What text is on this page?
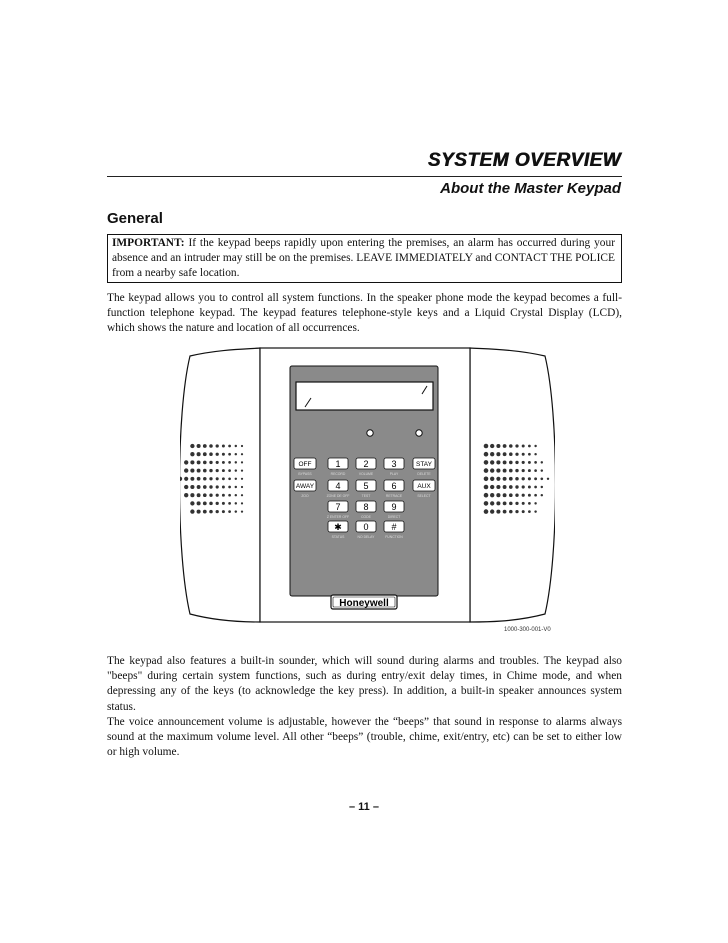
SYSTEM OVERVIEW
About the Master Keypad
General
IMPORTANT: If the keypad beeps rapidly upon entering the premises, an alarm has occurred during your absence and an intruder may still be on the premises. LEAVE IMMEDIATELY and CONTACT THE POLICE from a nearby safe location.

The keypad allows you to control all system functions. In the speaker phone mode the keypad becomes a full-function telephone keypad. The keypad features telephone-style keys and a Liquid Crystal Display (LCD), which shows the nature and location of all occurrences.

OFF	1	2	3	STAY
AWAY 4	5	6	AUX
7	8	9
✱ 0	#
BYPASS	RECORD	VOLUME	PLAY	DELETE
ZOO	ZONE DE OFF	TEST	RETRACE	SELECT
Z ENTER OFF	CODE	DIRECT
STATUS	NO DELAY	FUNCTION
Honeywell
1000-300-001-V0

The keypad also features a built-in sounder, which will sound during alarms and troubles. The keypad also "beeps" during certain system functions, such as during entry/exit delay times, in Chime mode, and when depressing any of the keys (to acknowledge the key press). In addition, a built-in speaker announces system status.

The voice announcement volume is adjustable, however the “beeps” that sound in response to alarms always sound at the maximum volume level. All other “beeps” (trouble, chime, exit/entry, etc) can be set to either low or high volume.

– 11 –
